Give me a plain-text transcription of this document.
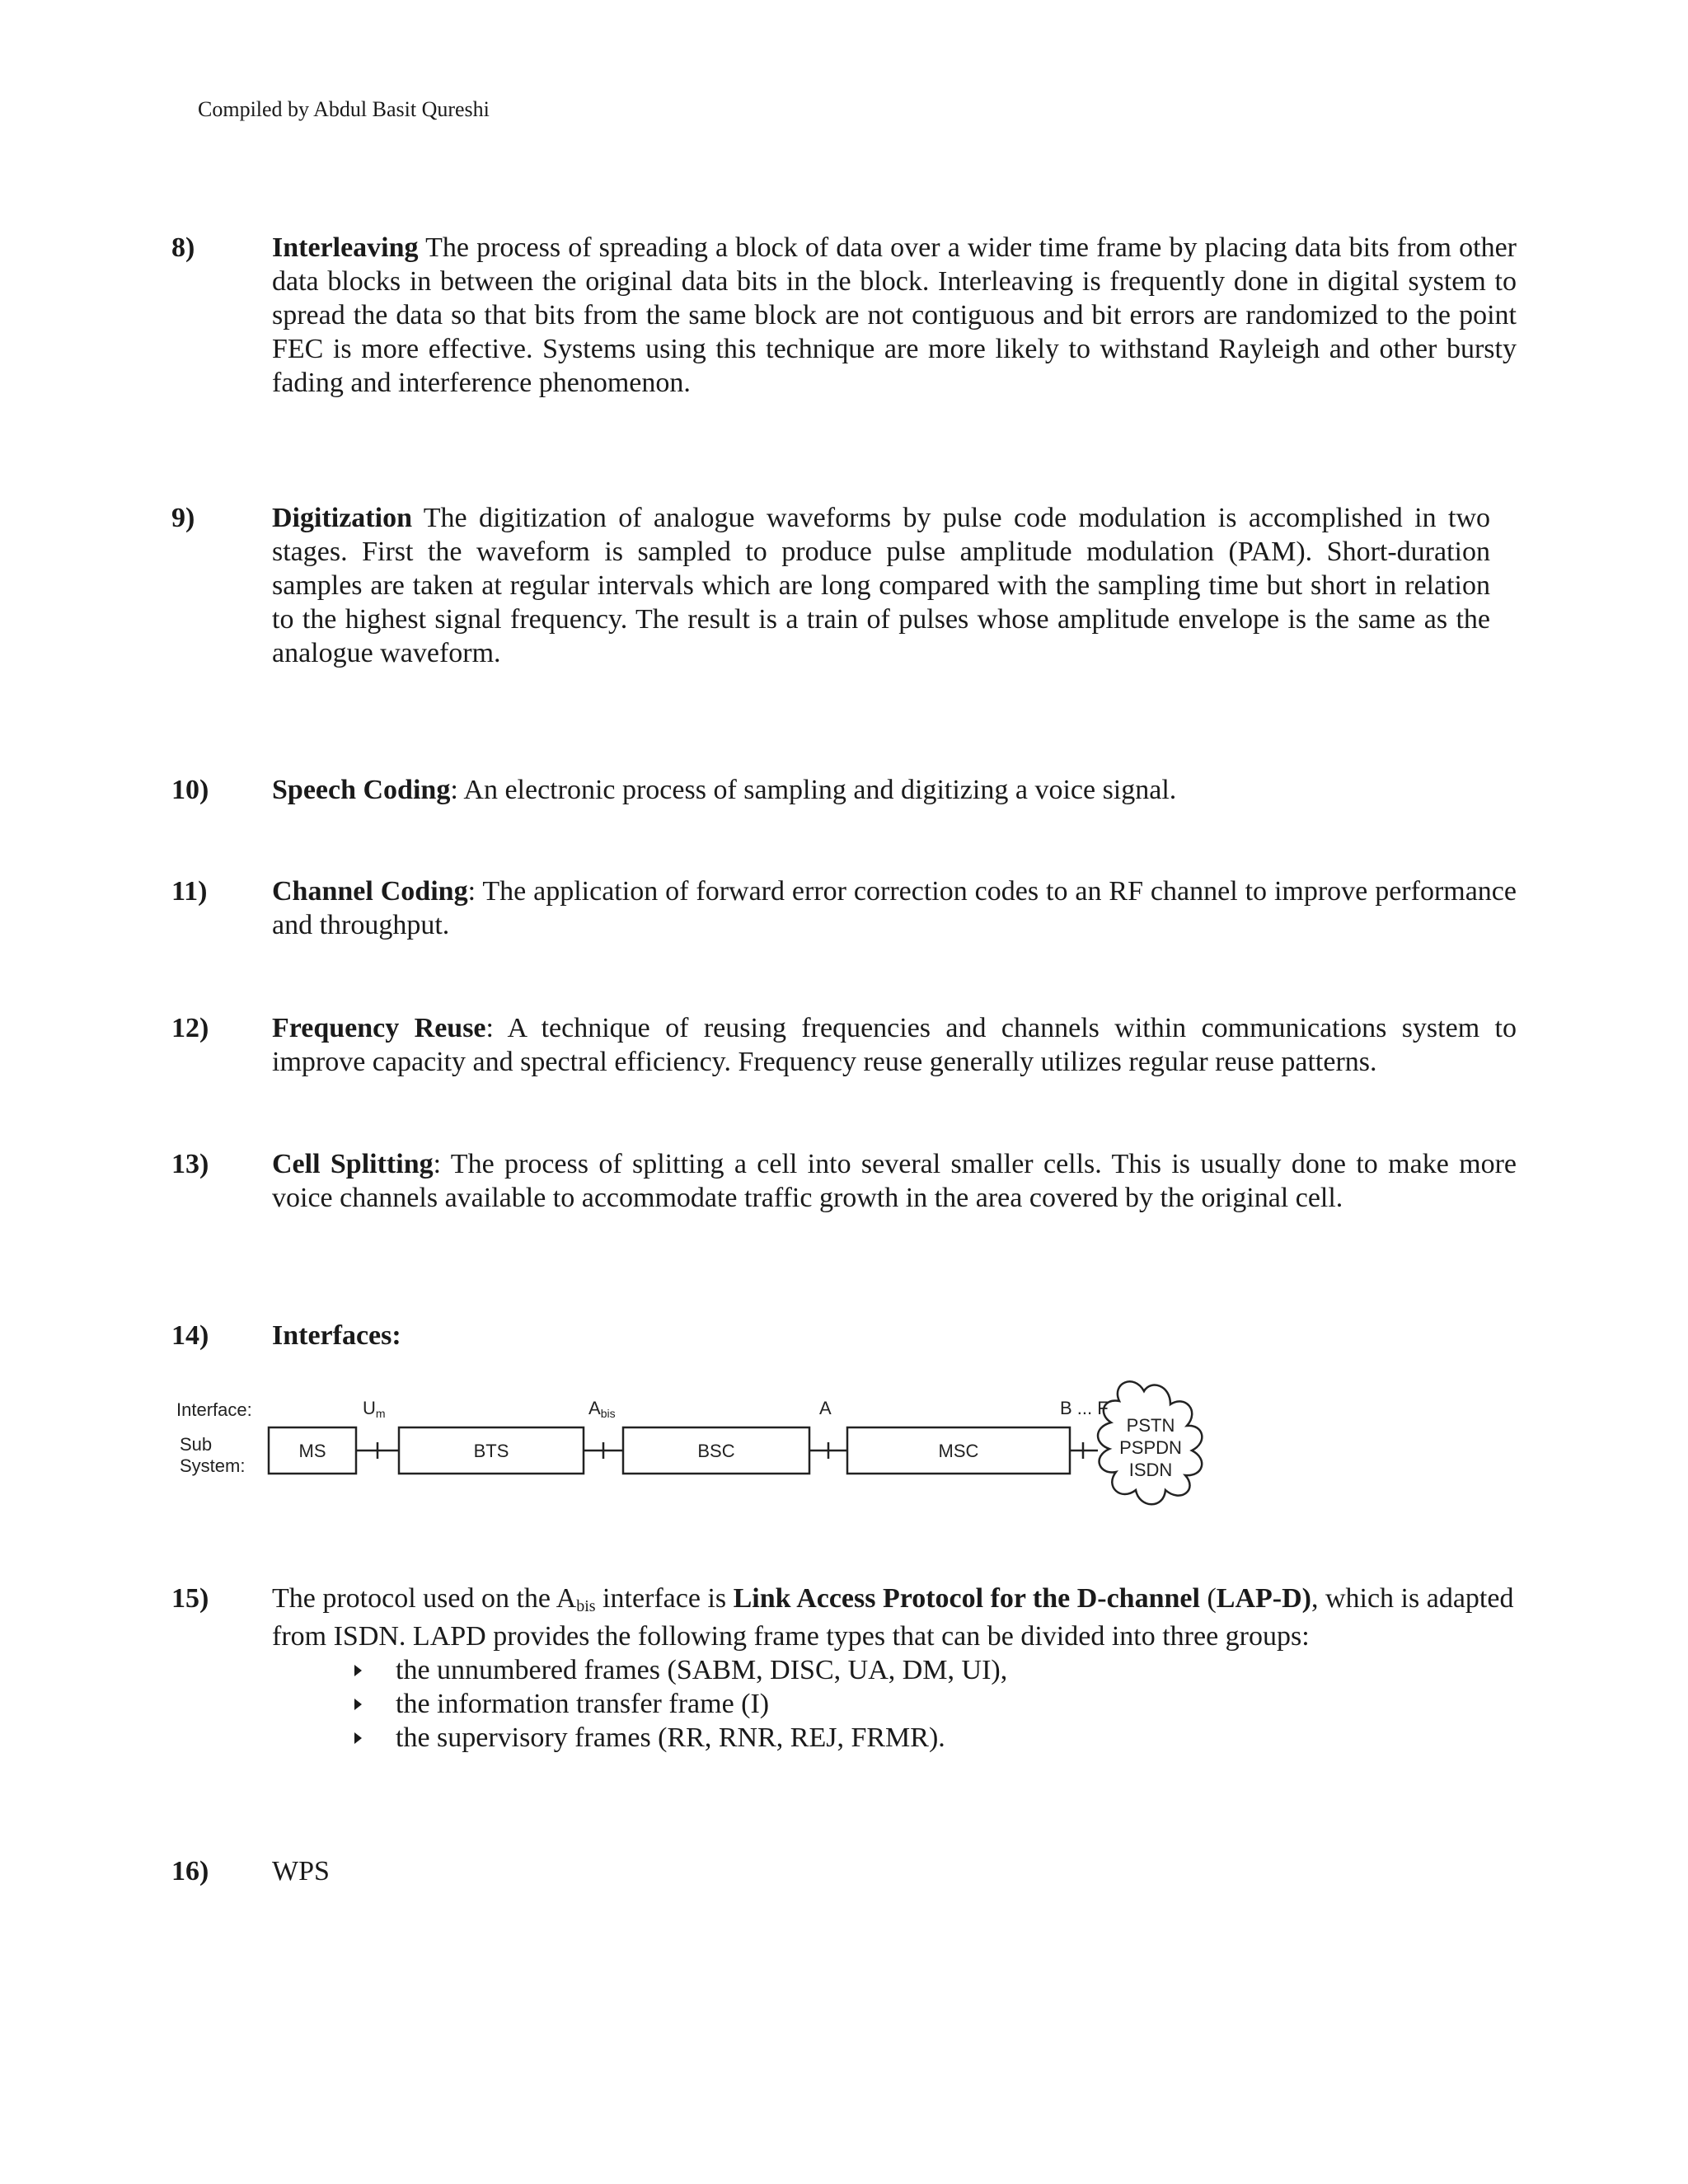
Compiled by Abdul Basit Qureshi
8)	Interleaving The process of spreading a block of data over a wider time frame by placing data bits from other data blocks in between the original data bits in the block. Interleaving is frequently done in digital system to spread the data so that bits from the same block are not contiguous and bit errors are randomized to the point FEC is more effective. Systems using this technique are more likely to withstand Rayleigh and other bursty fading and interference phenomenon.
9)	Digitization The digitization of analogue waveforms by pulse code modulation is accomplished in two stages. First the waveform is sampled to produce pulse amplitude modulation (PAM). Short-duration samples are taken at regular intervals which are long compared with the sampling time but short in relation to the highest signal frequency. The result is a train of pulses whose amplitude envelope is the same as the analogue waveform.
10) Speech Coding: An electronic process of sampling and digitizing a voice signal.
11) Channel Coding: The application of forward error correction codes to an RF channel to improve performance and throughput.
12) Frequency Reuse: A technique of reusing frequencies and channels within communications system to improve capacity and spectral efficiency. Frequency reuse generally utilizes regular reuse patterns.
13) Cell Splitting: The process of splitting a cell into several smaller cells. This is usually done to make more voice channels available to accommodate traffic growth in the area covered by the original cell.
14) Interfaces:
Interface:
Sub
System:
Um	Abis	A	B ... F
MS	BTS	BSC	MSC
PSTN
PSPDN
ISDN
15) The protocol used on the $A_{bis}$ interface is Link Access Protocol for the D-channel (LAP-D), which is adapted from ISDN. LAPD provides the following frame types that can be divided into three groups:
the unnumbered frames (SABM, DISC, UA, DM, UI),
the information transfer frame (I)
the supervisory frames (RR, RNR, REJ, FRMR).
16) WPS
